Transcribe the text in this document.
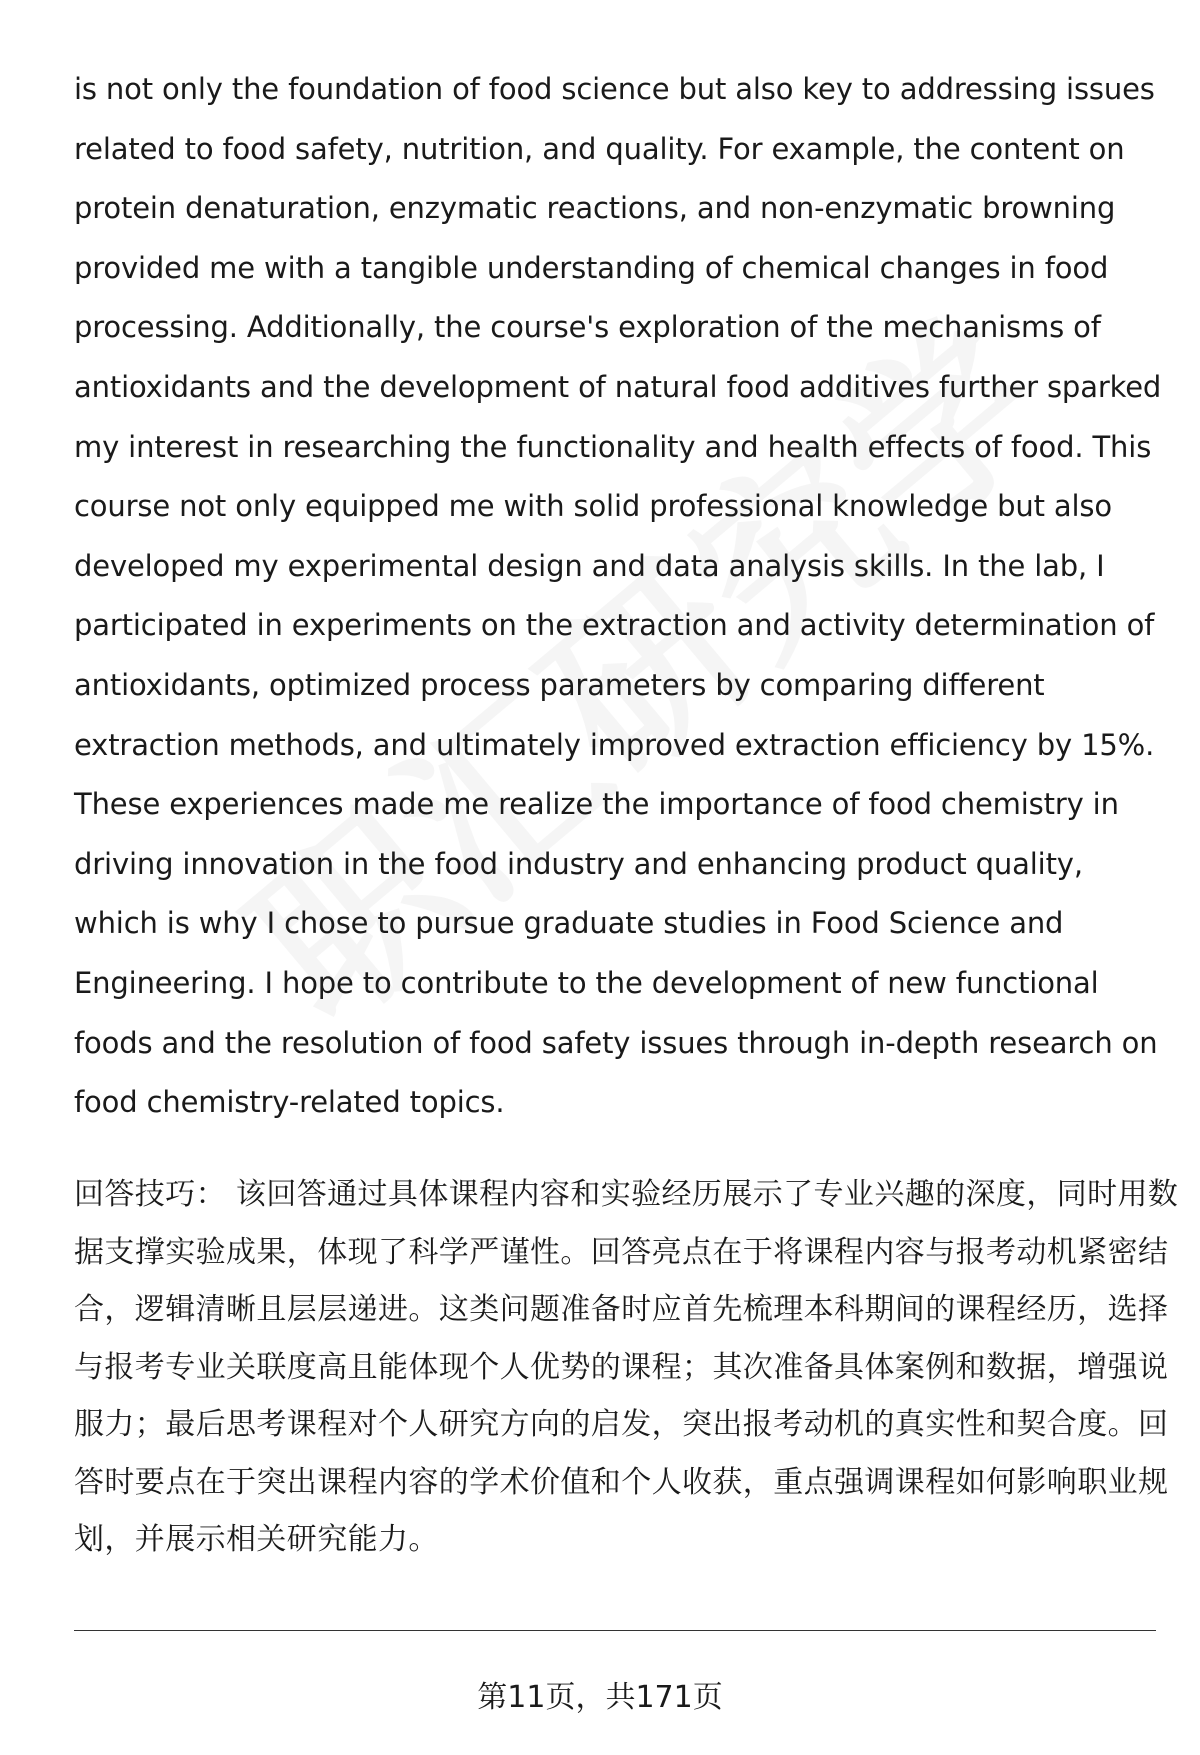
is not only the foundation of food science but also key to addressing issues
related to food safety, nutrition, and quality. For example, the content on
protein denaturation, enzymatic reactions, and non-enzymatic browning
provided me with a tangible understanding of chemical changes in food
processing. Additionally, the course's exploration of the mechanisms of
antioxidants and the development of natural food additives further sparked
my interest in researching the functionality and health effects of food. This
course not only equipped me with solid professional knowledge but also
developed my experimental design and data analysis skills. In the lab, I
participated in experiments on the extraction and activity determination of
antioxidants, optimized process parameters by comparing different
extraction methods, and ultimately improved extraction efficiency by 15%.
These experiences made me realize the importance of food chemistry in
driving innovation in the food industry and enhancing product quality,
which is why I chose to pursue graduate studies in Food Science and
Engineering. I hope to contribute to the development of new functional
foods and the resolution of food safety issues through in-depth research on
food chemistry-related topics.
回答技巧： 该回答通过具体课程内容和实验经历展示了专业兴趣的深度，同时用数
据支撑实验成果，体现了科学严谨性。回答亮点在于将课程内容与报考动机紧密结
合，逻辑清晰且层层递进。这类问题准备时应首先梳理本科期间的课程经历，选择
与报考专业关联度高且能体现个人优势的课程；其次准备具体案例和数据，增强说
服力；最后思考课程对个人研究方向的启发，突出报考动机的真实性和契合度。回
答时要点在于突出课程内容的学术价值和个人收获，重点强调课程如何影响职业规
划，并展示相关研究能力。
第11页，共171页
